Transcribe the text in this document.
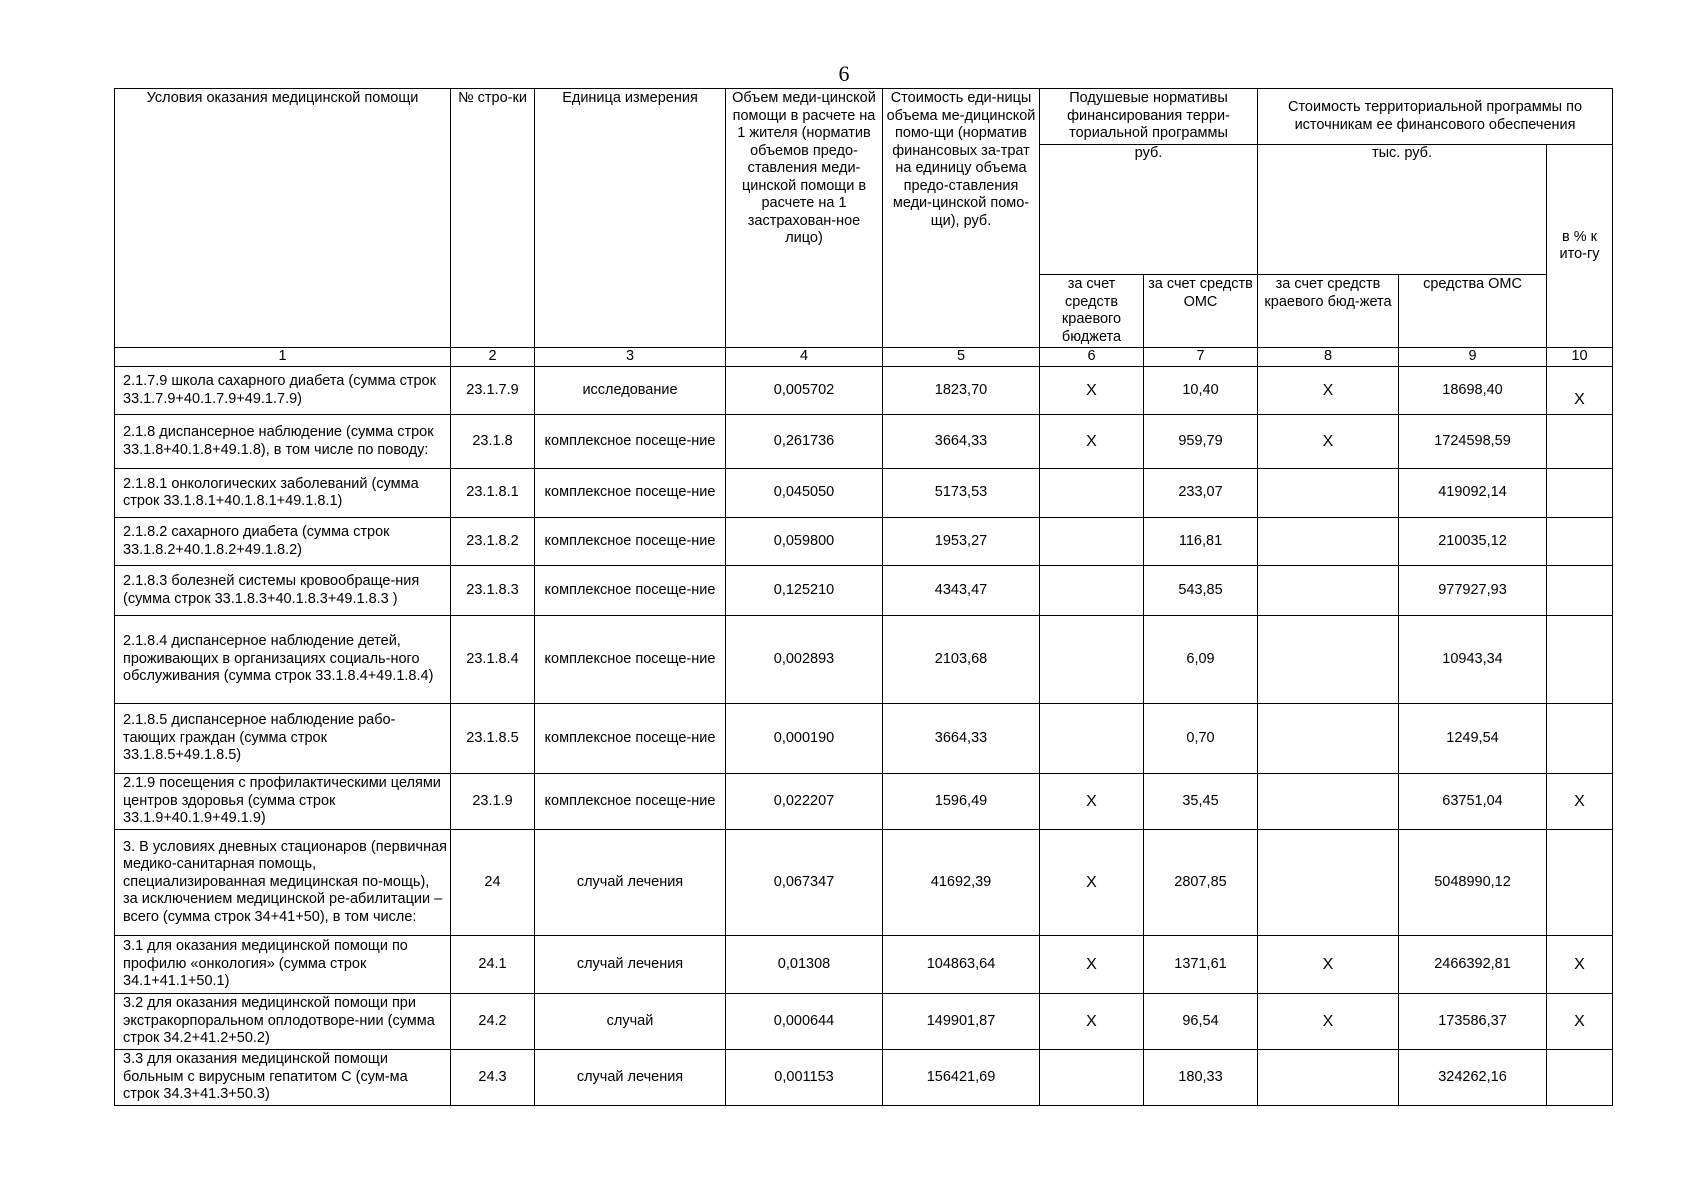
6
Условия оказания медицинской помощи	№ стро-ки	Единица измерения	Объем меди-цинской помощи в расчете на 1 жителя (норматив объемов предо-ставления меди-цинской помощи в расчете на 1 застрахован-ное лицо)	Стоимость еди-ницы объема ме-дицинской помо-щи (норматив финансовых за-трат на единицу объема предо-ставления меди-цинской помо-щи), руб.	Подушевые нормативы финансирования терри-ториальной программы		Стоимость территориальной программы по источникам ее финансового обеспечения		
					руб.		тыс. руб.		в % к ито-гу
					за счет средств краевого бюджета	за счет средств ОМС	за счет средств краевого бюд-жета	средства ОМС	
1	2	3	4	5	6	7	8	9	10
2.1.7.9 школа сахарного диабета (сумма строк 33.1.7.9+40.1.7.9+49.1.7.9)	23.1.7.9	исследование	0,005702	1823,70	Х	10,40	Х	18698,40	Х
2.1.8 диспансерное наблюдение (сумма строк 33.1.8+40.1.8+49.1.8), в том числе по поводу:	23.1.8	комплексное посеще-ние	0,261736	3664,33	Х	959,79	Х	1724598,59	
2.1.8.1 онкологических заболеваний (сумма строк 33.1.8.1+40.1.8.1+49.1.8.1)	23.1.8.1	комплексное посеще-ние	0,045050	5173,53		233,07		419092,14	
2.1.8.2 сахарного диабета (сумма строк 33.1.8.2+40.1.8.2+49.1.8.2)	23.1.8.2	комплексное посеще-ние	0,059800	1953,27		116,81		210035,12	
2.1.8.3 болезней системы кровообраще-ния (сумма строк 33.1.8.3+40.1.8.3+49.1.8.3 )	23.1.8.3	комплексное посеще-ние	0,125210	4343,47		543,85		977927,93	
2.1.8.4 диспансерное наблюдение детей, проживающих в организациях социаль-ного обслуживания (сумма строк 33.1.8.4+49.1.8.4)	23.1.8.4	комплексное посеще-ние	0,002893	2103,68		6,09		10943,34	
2.1.8.5 диспансерное наблюдение рабо-тающих граждан (сумма строк 33.1.8.5+49.1.8.5)	23.1.8.5	комплексное посеще-ние	0,000190	3664,33		0,70		1249,54	
2.1.9 посещения с профилактическими целями центров здоровья (сумма строк 33.1.9+40.1.9+49.1.9)	23.1.9	комплексное посеще-ние	0,022207	1596,49	Х	35,45		63751,04	Х
3. В условиях дневных стационаров (первичная медико-санитарная помощь, специализированная медицинская по-мощь), за исключением медицинской ре-абилитации – всего (сумма строк 34+41+50), в том числе:	24	случай лечения	0,067347	41692,39	Х	2807,85		5048990,12	
3.1 для оказания медицинской помощи по профилю «онкология» (сумма строк 34.1+41.1+50.1)	24.1	случай лечения	0,01308	104863,64	Х	1371,61	Х	2466392,81	Х
3.2 для оказания медицинской помощи при экстракорпоральном оплодотворе-нии (сумма строк 34.2+41.2+50.2)	24.2	случай	0,000644	149901,87	Х	96,54	Х	173586,37	Х
3.3 для оказания медицинской помощи больным с вирусным гепатитом С (сум-ма строк 34.3+41.3+50.3)	24.3	случай лечения	0,001153	156421,69		180,33		324262,16	
